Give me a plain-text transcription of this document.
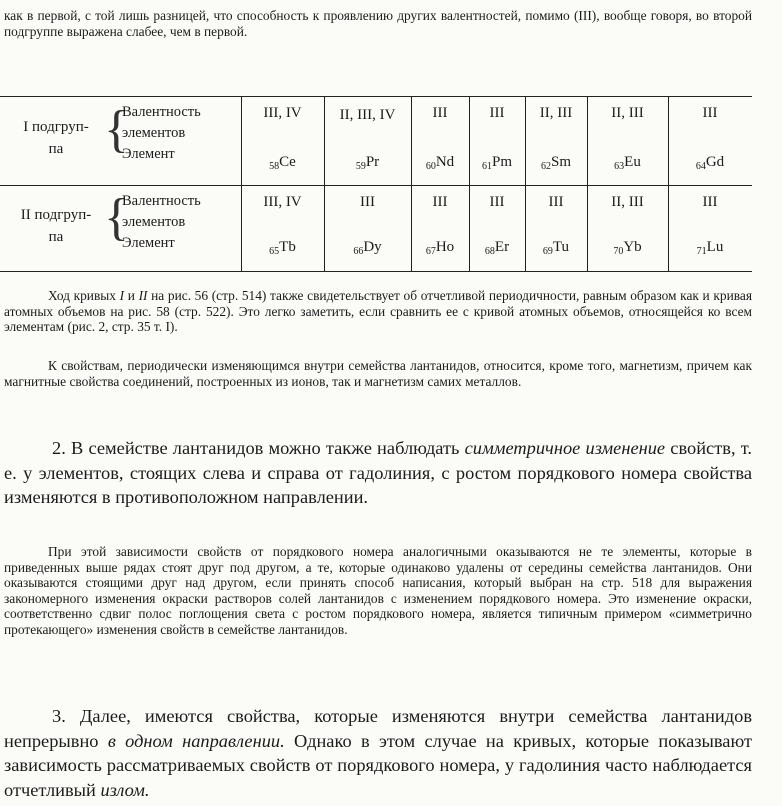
как в первой, с той лишь разницей, что способность к проявлению других валентностей, помимо (III), вообще говоря, во второй подгруппе выражена слабее, чем в первой.

I подгруп-
па {
Валентность
элементов
Элемент
III, IV	II, III, IV	III	III	II, III	II, III	III
$_{58}$Ce	$_{59}$Pr	$_{60}$Nd	$_{61}$Pm	$_{62}$Sm	$_{63}$Eu	$_{64}$Gd
II подгруп-
па {
Валентность
элементов
Элемент
III, IV	III	III	III	III	II, III	III
$_{65}$Tb	$_{66}$Dy	$_{67}$Ho	$_{68}$Er	$_{69}$Tu	$_{70}$Yb	$_{71}$Lu

Ход кривых I и II на рис. 56 (стр. 514) также свидетельствует об отчетливой периодичности, равным образом как и кривая атомных объемов на рис. 58 (стр. 522). Это легко заметить, если сравнить ее с кривой атомных объемов, относящейся ко всем элементам (рис. 2, стр. 35 т. I).

К свойствам, периодически изменяющимся внутри семейства лантанидов, относится, кроме того, магнетизм, причем как магнитные свойства соединений, построенных из ионов, так и магнетизм самих металлов.

2. В семействе лантанидов можно также наблюдать симметричное изменение свойств, т. е. у элементов, стоящих слева и справа от гадолиния, с ростом порядкового номера свойства изменяются в противоположном направлении.

При этой зависимости свойств от порядкового номера аналогичными оказываются не те элементы, которые в приведенных выше рядах стоят друг под другом, а те, которые одинаково удалены от середины семейства лантанидов. Они оказываются стоящими друг над другом, если принять способ написания, который выбран на стр. 518 для выражения закономерного изменения окраски растворов солей лантанидов с изменением порядкового номера. Это изменение окраски, соответственно сдвиг полос поглощения света с ростом порядкового номера, является типичным примером «симметрично протекающего» изменения свойств в семействе лантанидов.

3. Далее, имеются свойства, которые изменяются внутри семейства лантанидов непрерывно в одном направлении. Однако в этом случае на кривых, которые показывают зависимость рассматриваемых свойств от порядкового номера, у гадолиния часто наблюдается отчетливый излом.
